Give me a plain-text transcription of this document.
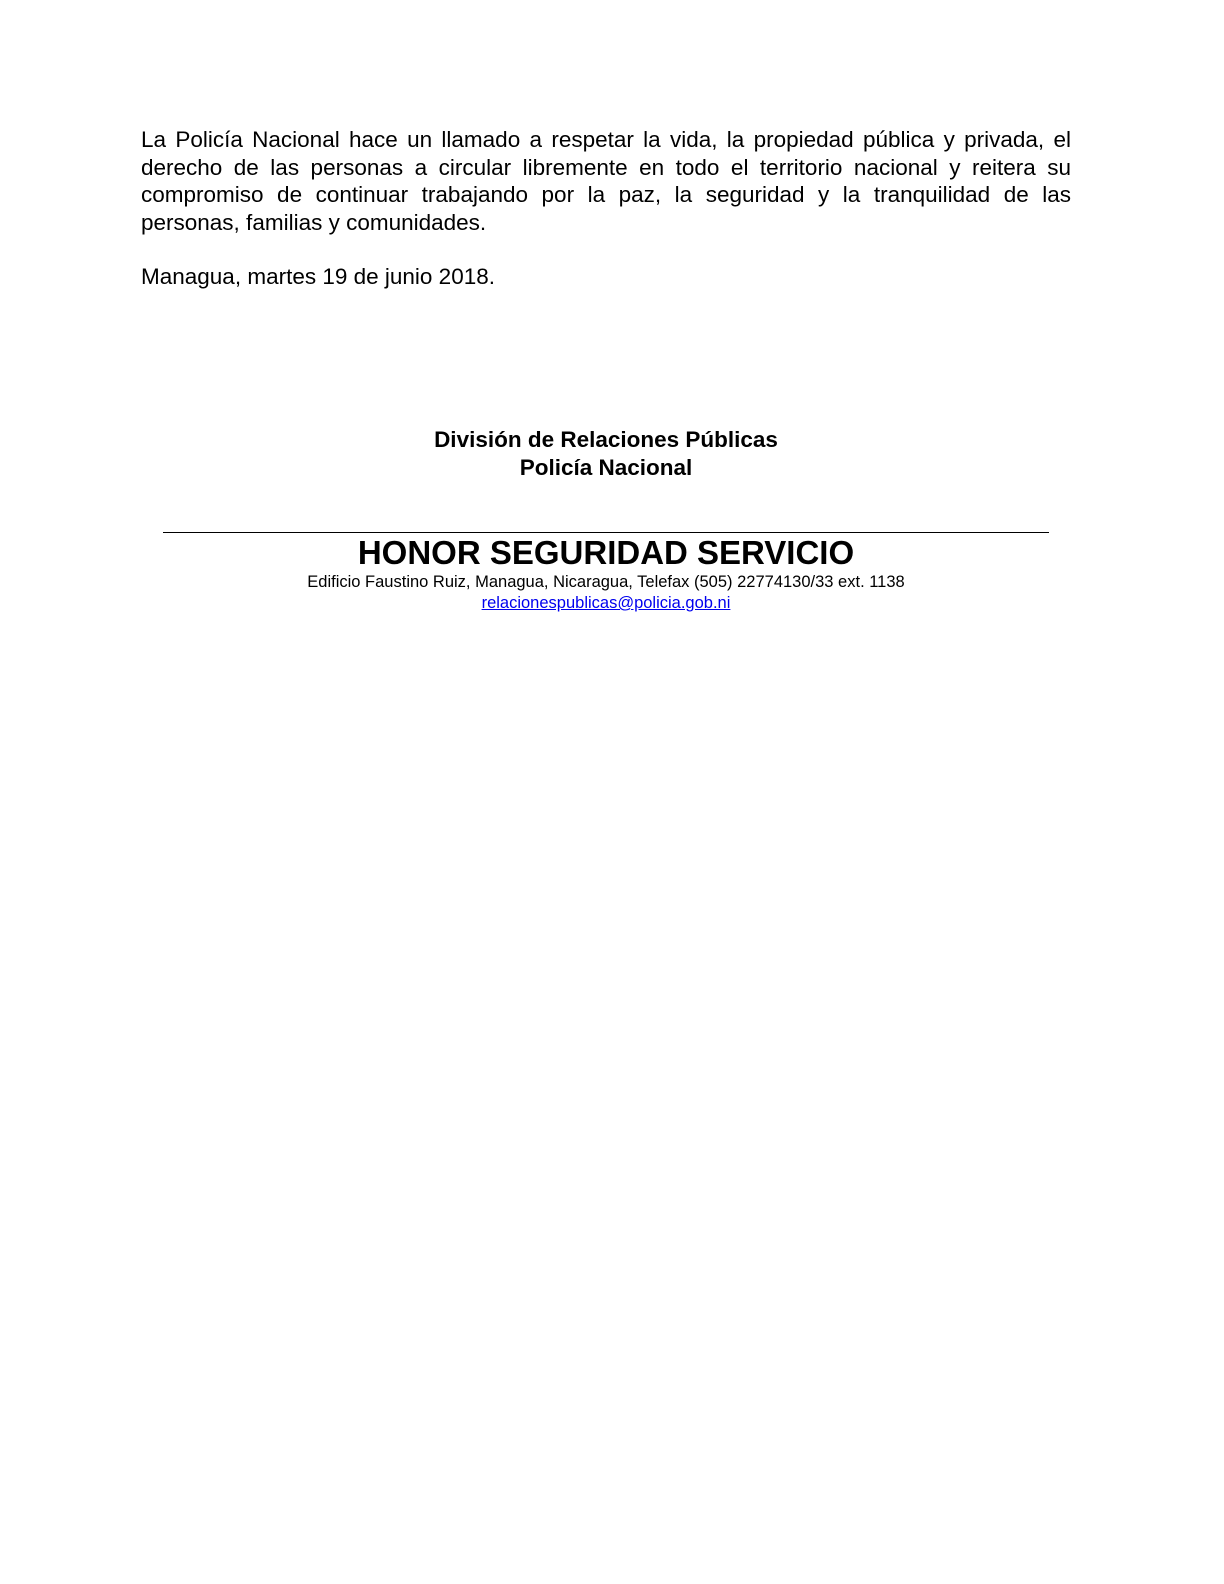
La Policía Nacional hace un llamado a respetar la vida, la propiedad pública y privada, el derecho de las personas a circular libremente en todo el territorio nacional y reitera su compromiso de continuar trabajando por la paz, la seguridad y la tranquilidad de las personas, familias y comunidades.

Managua, martes 19 de junio 2018.

División de Relaciones Públicas
Policía Nacional
HONOR SEGURIDAD SERVICIO
Edificio Faustino Ruiz, Managua, Nicaragua, Telefax (505) 22774130/33 ext. 1138
relacionespublicas@policia.gob.ni
